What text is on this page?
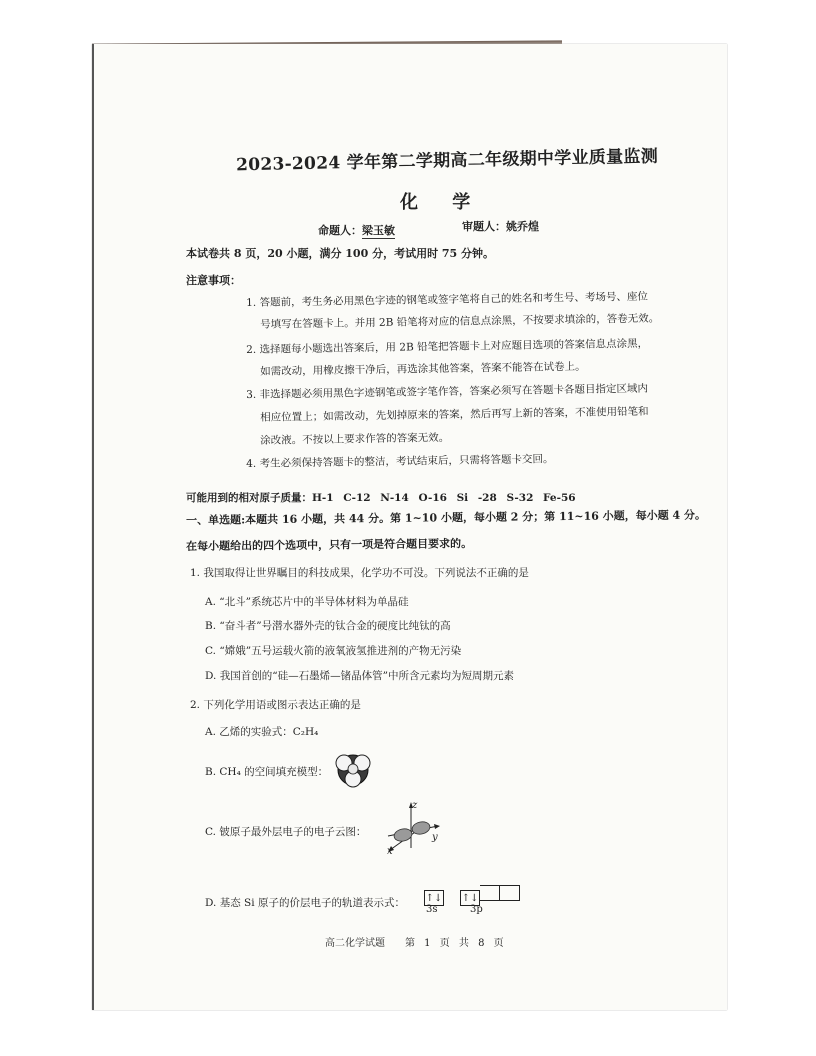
2023-2024 学年第二学期高二年级期中学业质量监测
化 学
命题人：梁玉敏	审题人：姚乔煌
本试卷共 8 页，20 小题，满分 100 分，考试用时 75 分钟。
注意事项：
1. 答题前，考生务必用黑色字迹的钢笔或签字笔将自己的姓名和考生号、考场号、座位
号填写在答题卡上。并用 2B 铅笔将对应的信息点涂黑，不按要求填涂的，答卷无效。
2. 选择题每小题选出答案后，用 2B 铅笔把答题卡上对应题目选项的答案信息点涂黑，
如需改动，用橡皮擦干净后，再选涂其他答案，答案不能答在试卷上。
3. 非选择题必须用黑色字迹钢笔或签字笔作答，答案必须写在答题卡各题目指定区域内
相应位置上；如需改动，先划掉原来的答案，然后再写上新的答案，不准使用铅笔和
涂改液。不按以上要求作答的答案无效。
4. 考生必须保持答题卡的整洁，考试结束后，只需将答题卡交回。
可能用到的相对原子质量：H-1 C-12 N-14 O-16 Si -28 S-32 Fe-56
一、单选题:本题共 16 小题，共 44 分。第 1~10 小题，每小题 2 分；第 11~16 小题，每小题 4 分。
在每小题给出的四个选项中，只有一项是符合题目要求的。
1. 我国取得让世界瞩目的科技成果，化学功不可没。下列说法不正确的是
A. “北斗”系统芯片中的半导体材料为单晶硅
B. “奋斗者”号潜水器外壳的钛合金的硬度比纯钛的高
C. “嫦娥”五号运载火箭的液氧液氢推进剂的产物无污染
D. 我国首创的“硅—石墨烯—锗晶体管”中所含元素均为短周期元素
2. 下列化学用语或图示表达正确的是
A. 乙烯的实验式：C₂H₄
B. CH₄ 的空间填充模型：
C. 铍原子最外层电子的电子云图：
z
y
x
D. 基态 Si 原子的价层电子的轨道表示式： ↑↓ ↑↓
3s	3p
高二化学试题　　第 1 页 共 8 页
